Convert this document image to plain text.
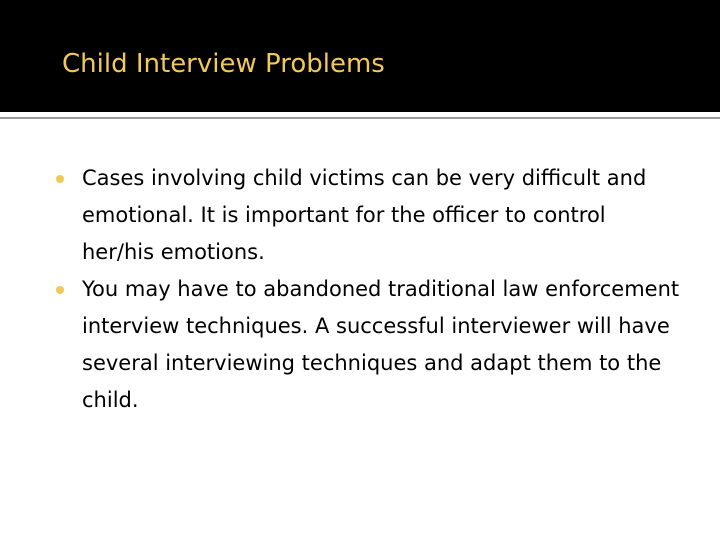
Child Interview Problems
Cases involving child victims can be very difficult and emotional. It is important for the officer to control her/his emotions.
You may have to abandoned traditional law enforcement interview techniques. A successful interviewer will have several interviewing techniques and adapt them to the child.
